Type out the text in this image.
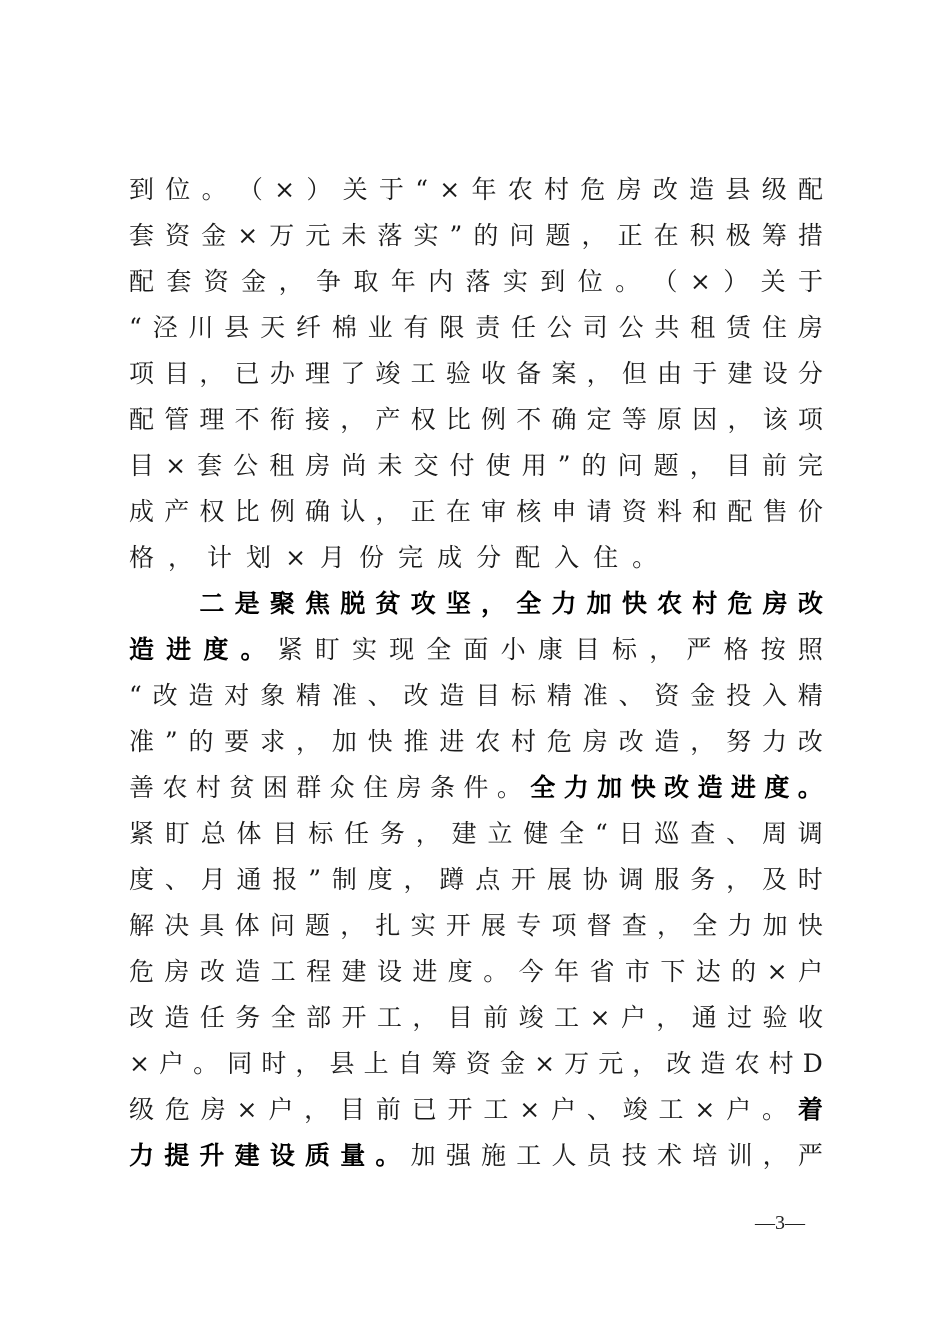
到 位 。 （ × ） 关 于 “ × 年 农 村 危 房 改 造 县 级 配
套 资 金 × 万 元 未 落 实 ” 的 问 题 ， 正 在 积 极 筹 措
配 套 资 金 ， 争 取 年 内 落 实 到 位 。 （ × ） 关 于
“ 泾 川 县 天 纤 棉 业 有 限 责 任 公 司 公 共 租 赁 住 房
项 目 ， 已 办 理 了 竣 工 验 收 备 案 ， 但 由 于 建 设 分
配 管 理 不 衔 接 ， 产 权 比 例 不 确 定 等 原 因 ， 该 项
目 × 套 公 租 房 尚 未 交 付 使 用 ” 的 问 题 ， 目 前 完
成 产 权 比 例 确 认 ， 正 在 审 核 申 请 资 料 和 配 售 价
格 ， 计 划 × 月 份 完 成 分 配 入 住 。

二 是 聚 焦 脱 贫 攻 坚 ， 全 力 加 快 农 村 危 房 改
造 进 度 。 紧 盯 实 现 全 面 小 康 目 标 ， 严 格 按 照
“ 改 造 对 象 精 准 、 改 造 目 标 精 准 、 资 金 投 入 精
准 ” 的 要 求 ， 加 快 推 进 农 村 危 房 改 造 ， 努 力 改
善 农 村 贫 困 群 众 住 房 条 件 。 全 力 加 快 改 造 进 度 。
紧 盯 总 体 目 标 任 务 ， 建 立 健 全 “ 日 巡 查 、 周 调
度 、 月 通 报 ” 制 度 ， 蹲 点 开 展 协 调 服 务 ， 及 时
解 决 具 体 问 题 ， 扎 实 开 展 专 项 督 查 ， 全 力 加 快
危 房 改 造 工 程 建 设 进 度 。 今 年 省 市 下 达 的 × 户
改 造 任 务 全 部 开 工 ， 目 前 竣 工 × 户 ， 通 过 验 收
× 户 。 同 时 ， 县 上 自 筹 资 金 × 万 元 ， 改 造 农 村 D
级 危 房 × 户 ， 目 前 已 开 工 × 户 、 竣 工 × 户 。 着
力 提 升 建 设 质 量 。 加 强 施 工 人 员 技 术 培 训 ， 严
—3—
